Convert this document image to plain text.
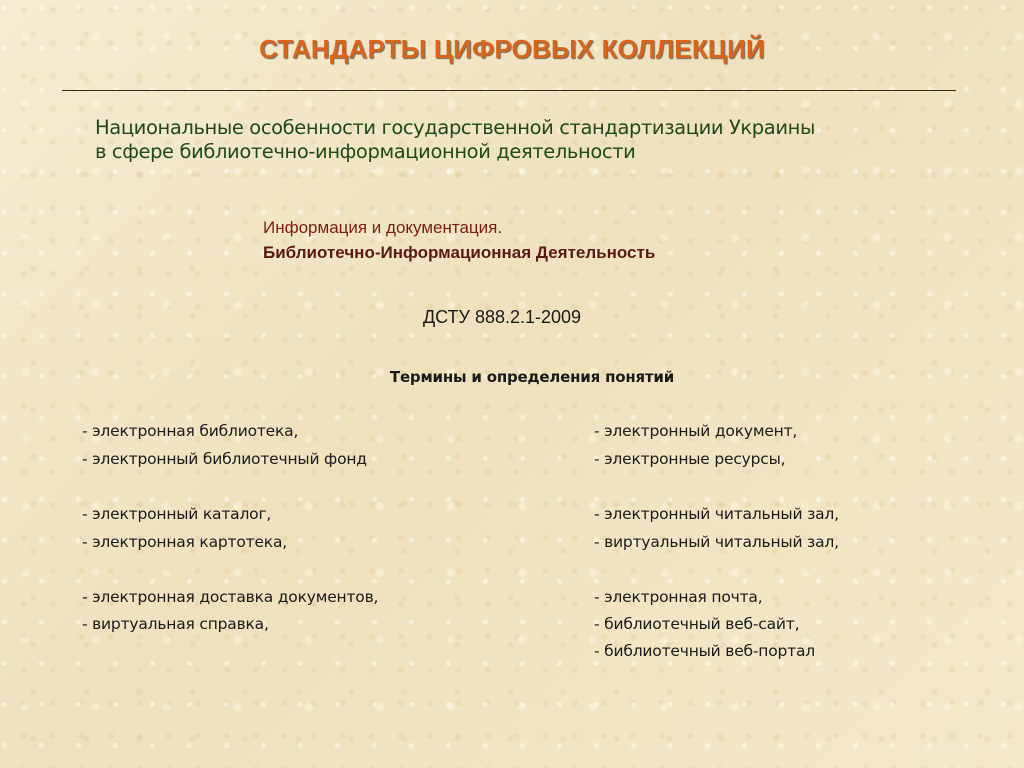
СТАНДАРТЫ ЦИФРОВЫХ КОЛЛЕКЦИЙ
Национальные особенности государственной стандартизации Украины
в сфере библиотечно-информационной деятельности
Информация и документация.
Библиотечно-Информационная Деятельность
ДСТУ 888.2.1-2009
Термины и определения понятий
- электронная библиотека,
- электронный библиотечный фонд
- электронный каталог,
- электронная картотека,
- электронная доставка документов,
- виртуальная справка,
- электронный документ,
- электронные ресурсы,
- электронный читальный зал,
- виртуальный читальный зал,
- электронная почта,
- библиотечный веб-сайт,
- библиотечный веб-портал
